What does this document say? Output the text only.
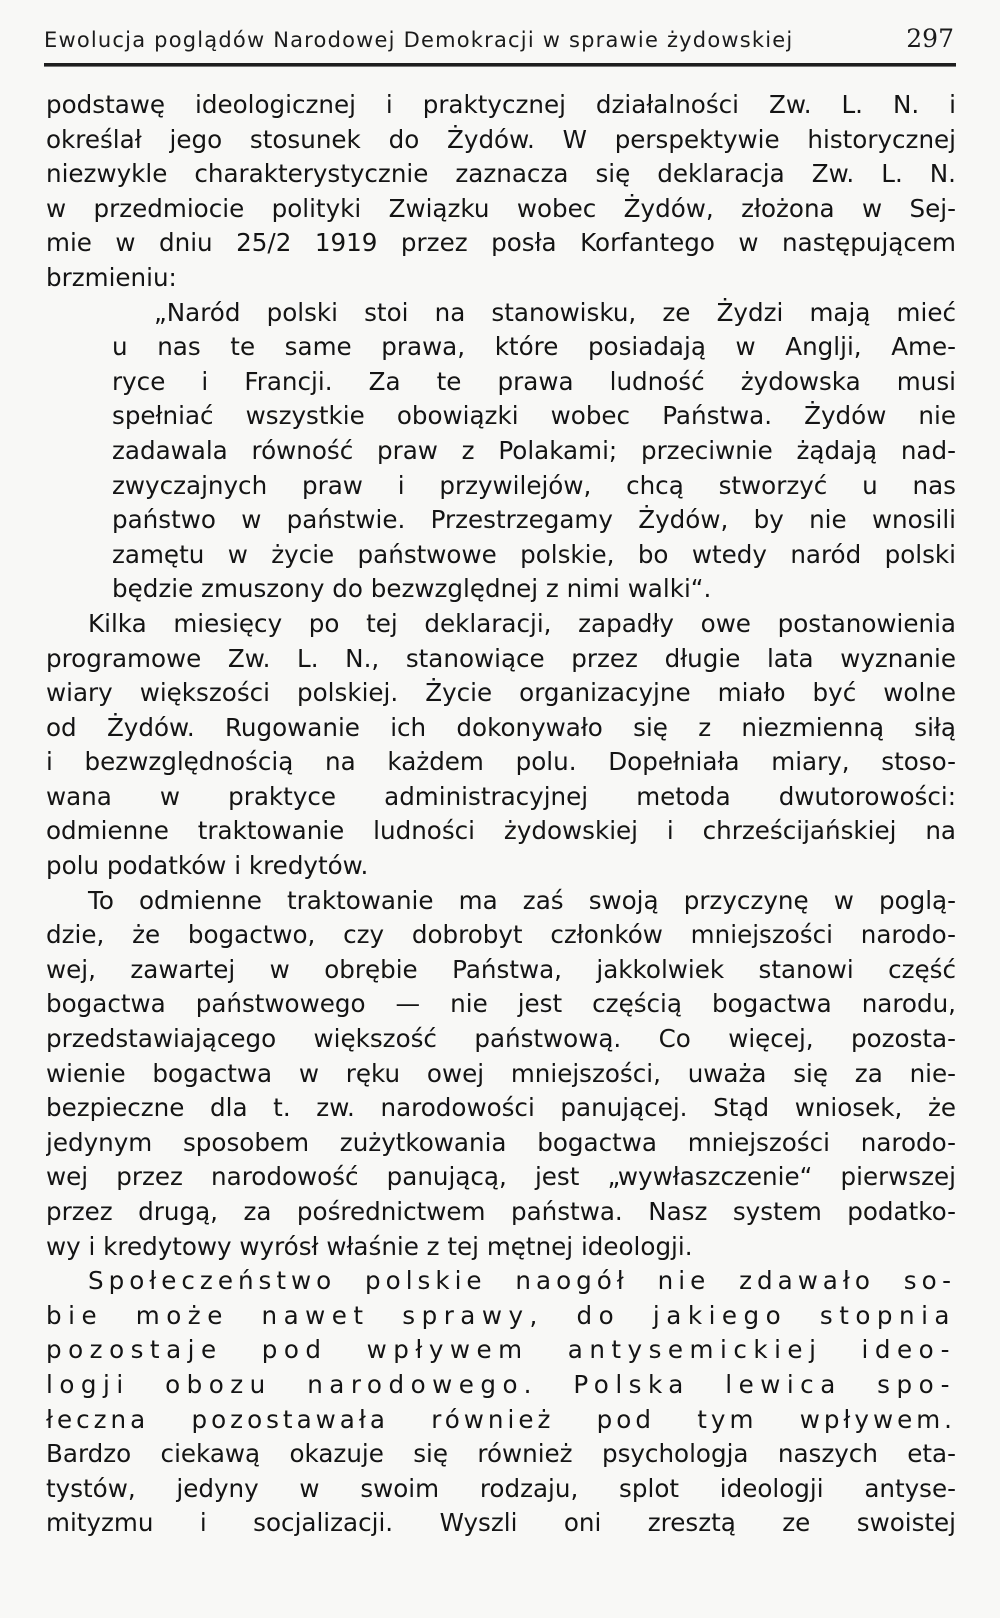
Ewolucja poglądów Narodowej Demokracji w sprawie żydowskiej	297
podstawę ideologicznej i praktycznej działalności Zw. L. N. i
określał jego stosunek do Żydów. W perspektywie historycznej
niezwykle charakterystycznie zaznacza się deklaracja Zw. L. N.
w przedmiocie polityki Związku wobec Żydów, złożona w Sej-
mie w dniu 25/2 1919 przez posła Korfantego w następującem
brzmieniu:
„Naród polski stoi na stanowisku, ze Żydzi mają mieć
u nas te same prawa, które posiadają w Anglji, Ame-
ryce i Francji. Za te prawa ludność żydowska musi
spełniać wszystkie obowiązki wobec Państwa. Żydów nie
zadawala równość praw z Polakami; przeciwnie żądają nad-
zwyczajnych praw i przywilejów, chcą stworzyć u nas
państwo w państwie. Przestrzegamy Żydów, by nie wnosili
zamętu w życie państwowe polskie, bo wtedy naród polski
będzie zmuszony do bezwzględnej z nimi walki“.
Kilka miesięcy po tej deklaracji, zapadły owe postanowienia
programowe Zw. L. N., stanowiące przez długie lata wyznanie
wiary większości polskiej. Życie organizacyjne miało być wolne
od Żydów. Rugowanie ich dokonywało się z niezmienną siłą
i bezwzględnością na każdem polu. Dopełniała miary, stoso-
wana w praktyce administracyjnej metoda dwutorowości:
odmienne traktowanie ludności żydowskiej i chrześcijańskiej na
polu podatków i kredytów.
To odmienne traktowanie ma zaś swoją przyczynę w poglą-
dzie, że bogactwo, czy dobrobyt członków mniejszości narodo-
wej, zawartej w obrębie Państwa, jakkolwiek stanowi część
bogactwa państwowego — nie jest częścią bogactwa narodu,
przedstawiającego większość państwową. Co więcej, pozosta-
wienie bogactwa w ręku owej mniejszości, uważa się za nie-
bezpieczne dla t. zw. narodowości panującej. Stąd wniosek, że
jedynym sposobem zużytkowania bogactwa mniejszości narodo-
wej przez narodowość panującą, jest „wywłaszczenie“ pierwszej
przez drugą, za pośrednictwem państwa. Nasz system podatko-
wy i kredytowy wyrósł właśnie z tej mętnej ideologji.
Społeczeństwo polskie naogół nie zdawało so-
bie może nawet sprawy, do jakiego stopnia
pozostaje pod wpływem antysemickiej ideo-
logji obozu narodowego. Polska lewica spo-
łeczna pozostawała również pod tym wpływem.
Bardzo ciekawą okazuje się również psychologja naszych eta-
tystów, jedyny w swoim rodzaju, splot ideologji antyse-
mityzmu i socjalizacji. Wyszli oni zresztą ze swoistej
